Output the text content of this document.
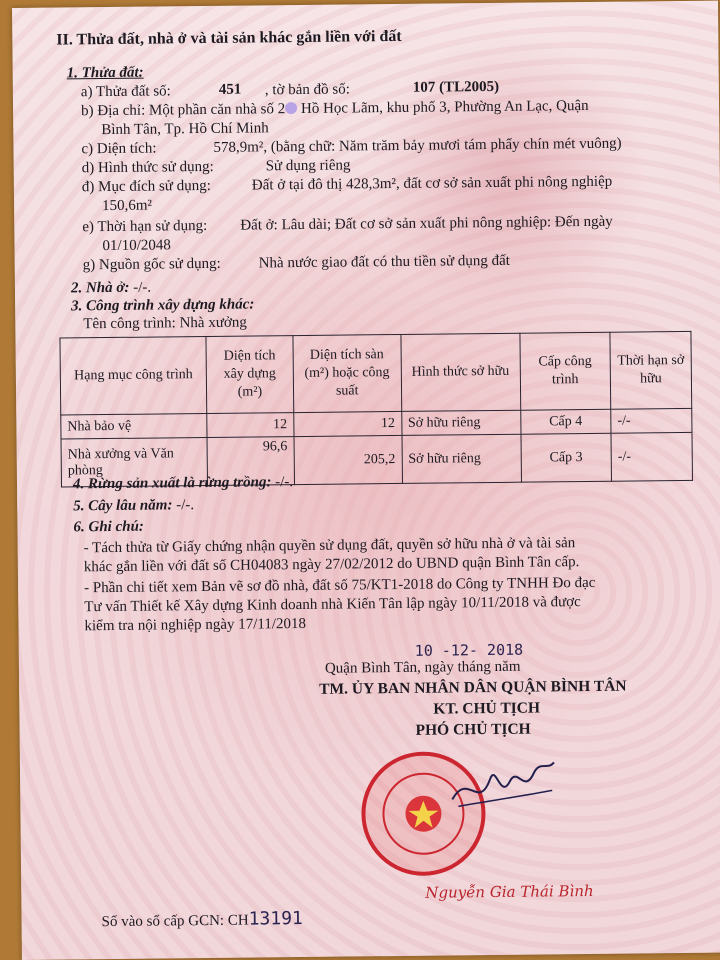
II. Thửa đất, nhà ở và tài sản khác gắn liền với đất
1. Thửa đất:
a) Thửa đất số:	451 , tờ bản đồ số:	107 (TL2005)
b) Địa chỉ: Một phần căn nhà số 2 Hồ Học Lãm, khu phố 3, Phường An Lạc, Quận
Bình Tân, Tp. Hồ Chí Minh
c) Diện tích:	578,9m², (bằng chữ: Năm trăm bảy mươi tám phẩy chín mét vuông)
d) Hình thức sử dụng:	Sử dụng riêng
đ) Mục đích sử dụng:	Đất ở tại đô thị 428,3m², đất cơ sở sản xuất phi nông nghiệp
150,6m²
e) Thời hạn sử dụng: Đất ở: Lâu dài; Đất cơ sở sản xuất phi nông nghiệp: Đến ngày
01/10/2048
g) Nguồn gốc sử dụng:	Nhà nước giao đất có thu tiền sử dụng đất
2. Nhà ở: -/-.
3. Công trình xây dựng khác:
Tên công trình: Nhà xưởng
Hạng mục công trình	Diện tích xây dựng (m²)	Diện tích sàn (m²) hoặc công suất	Hình thức sở hữu	Cấp công trình	Thời hạn sở hữu
Nhà bảo vệ	12	12	Sở hữu riêng	Cấp 4	-/-
Nhà xưởng và Văn phòng	96,6	205,2	Sở hữu riêng	Cấp 3	-/-
4. Rừng sản xuất là rừng trồng: -/-.
5. Cây lâu năm: -/-.
6. Ghi chú:
- Tách thửa từ Giấy chứng nhận quyền sử dụng đất, quyền sở hữu nhà ở và tài sản
khác gắn liền với đất số CH04083 ngày 27/02/2012 do UBND quận Bình Tân cấp.
- Phần chi tiết xem Bản vẽ sơ đồ nhà, đất số 75/KT1-2018 do Công ty TNHH Đo đạc
Tư vấn Thiết kế Xây dựng Kinh doanh nhà Kiến Tân lập ngày 10/11/2018 và được
kiểm tra nội nghiệp ngày 17/11/2018
10 -12- 2018
Quận Bình Tân, ngày tháng năm
TM. ỦY BAN NHÂN DÂN QUẬN BÌNH TÂN
KT. CHỦ TỊCH
PHÓ CHỦ TỊCH
Nguyễn Gia Thái Bình
Số vào sổ cấp GCN: CH13191
